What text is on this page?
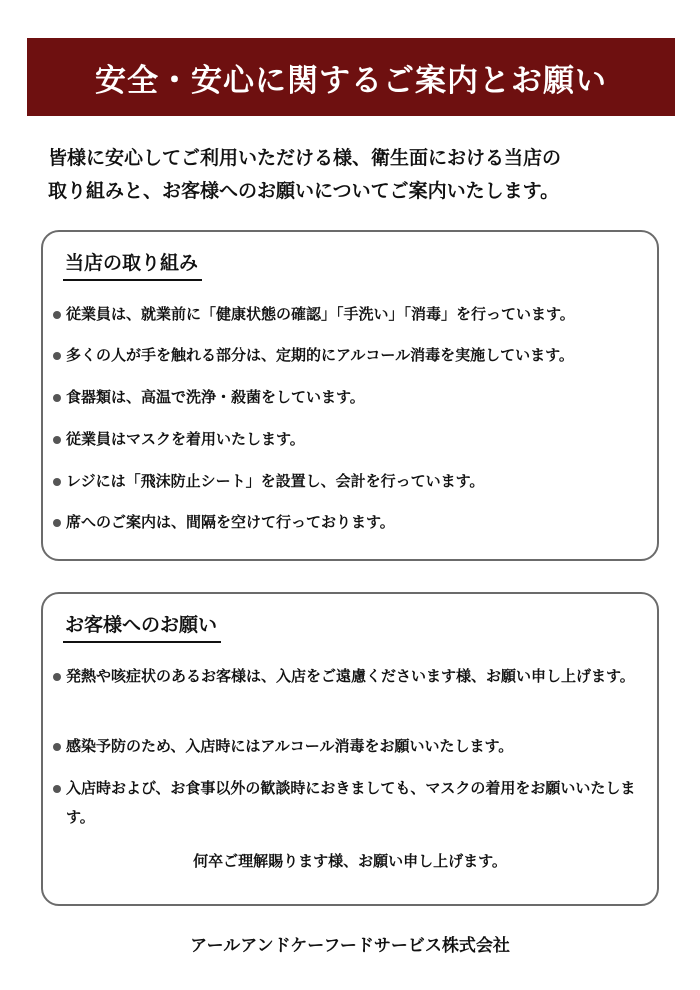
安全・安心に関するご案内とお願い

皆様に安心してご利用いただける様、衛生面における当店の

取り組みと、お客様へのお願いについてご案内いたします。

当店の取り組み
従業員は、就業前に「健康状態の確認」「手洗い」「消毒」を行っています。
多くの人が手を触れる部分は、定期的にアルコール消毒を実施しています。
食器類は、高温で洗浄・殺菌をしています。
従業員はマスクを着用いたします。
レジには「飛沫防止シート」を設置し、会計を行っています。
席へのご案内は、間隔を空けて行っております。
お客様へのお願い
発熱や咳症状のあるお客様は、入店をご遠慮くださいます様、お願い申し上げます。
感染予防のため、入店時にはアルコール消毒をお願いいたします。
入店時および、お食事以外の歓談時におきましても、マスクの着用をお願いいたします。
何卒ご理解賜ります様、お願い申し上げます。
アールアンドケーフードサービス株式会社
